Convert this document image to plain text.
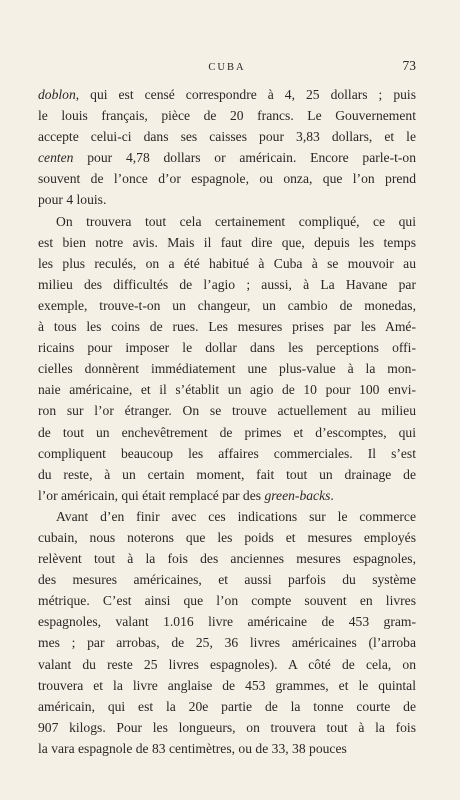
CUBA	73
doblon, qui est censé correspondre à 4, 25 dollars ; puis
le louis français, pièce de 20 francs. Le Gouvernement
accepte celui-ci dans ses caisses pour 3,83 dollars, et le
centen pour 4,78 dollars or américain. Encore parle-t-on
souvent de l’once d’or espagnole, ou onza, que l’on prend
pour 4 louis.
On trouvera tout cela certainement compliqué, ce qui
est bien notre avis. Mais il faut dire que, depuis les temps
les plus reculés, on a été habitué à Cuba à se mouvoir au
milieu des difficultés de l’agio ; aussi, à La Havane par
exemple, trouve-t-on un changeur, un cambio de monedas,
à tous les coins de rues. Les mesures prises par les Amé-
ricains pour imposer le dollar dans les perceptions offi-
cielles donnèrent immédiatement une plus-value à la mon-
naie américaine, et il s’établit un agio de 10 pour 100 envi-
ron sur l’or étranger. On se trouve actuellement au milieu
de tout un enchevêtrement de primes et d’escomptes, qui
compliquent beaucoup les affaires commerciales. Il s’est
du reste, à un certain moment, fait tout un drainage de
l’or américain, qui était remplacé par des green-backs.
Avant d’en finir avec ces indications sur le commerce
cubain, nous noterons que les poids et mesures employés
relèvent tout à la fois des anciennes mesures espagnoles,
des mesures américaines, et aussi parfois du système
métrique. C’est ainsi que l’on compte souvent en livres
espagnoles, valant 1.016 livre américaine de 453 gram-
mes ; par arrobas, de 25, 36 livres américaines (l’arroba
valant du reste 25 livres espagnoles). A côté de cela, on
trouvera et la livre anglaise de 453 grammes, et le quintal
américain, qui est la 20e partie de la tonne courte de
907 kilogs. Pour les longueurs, on trouvera tout à la fois
la vara espagnole de 83 centimètres, ou de 33, 38 pouces
